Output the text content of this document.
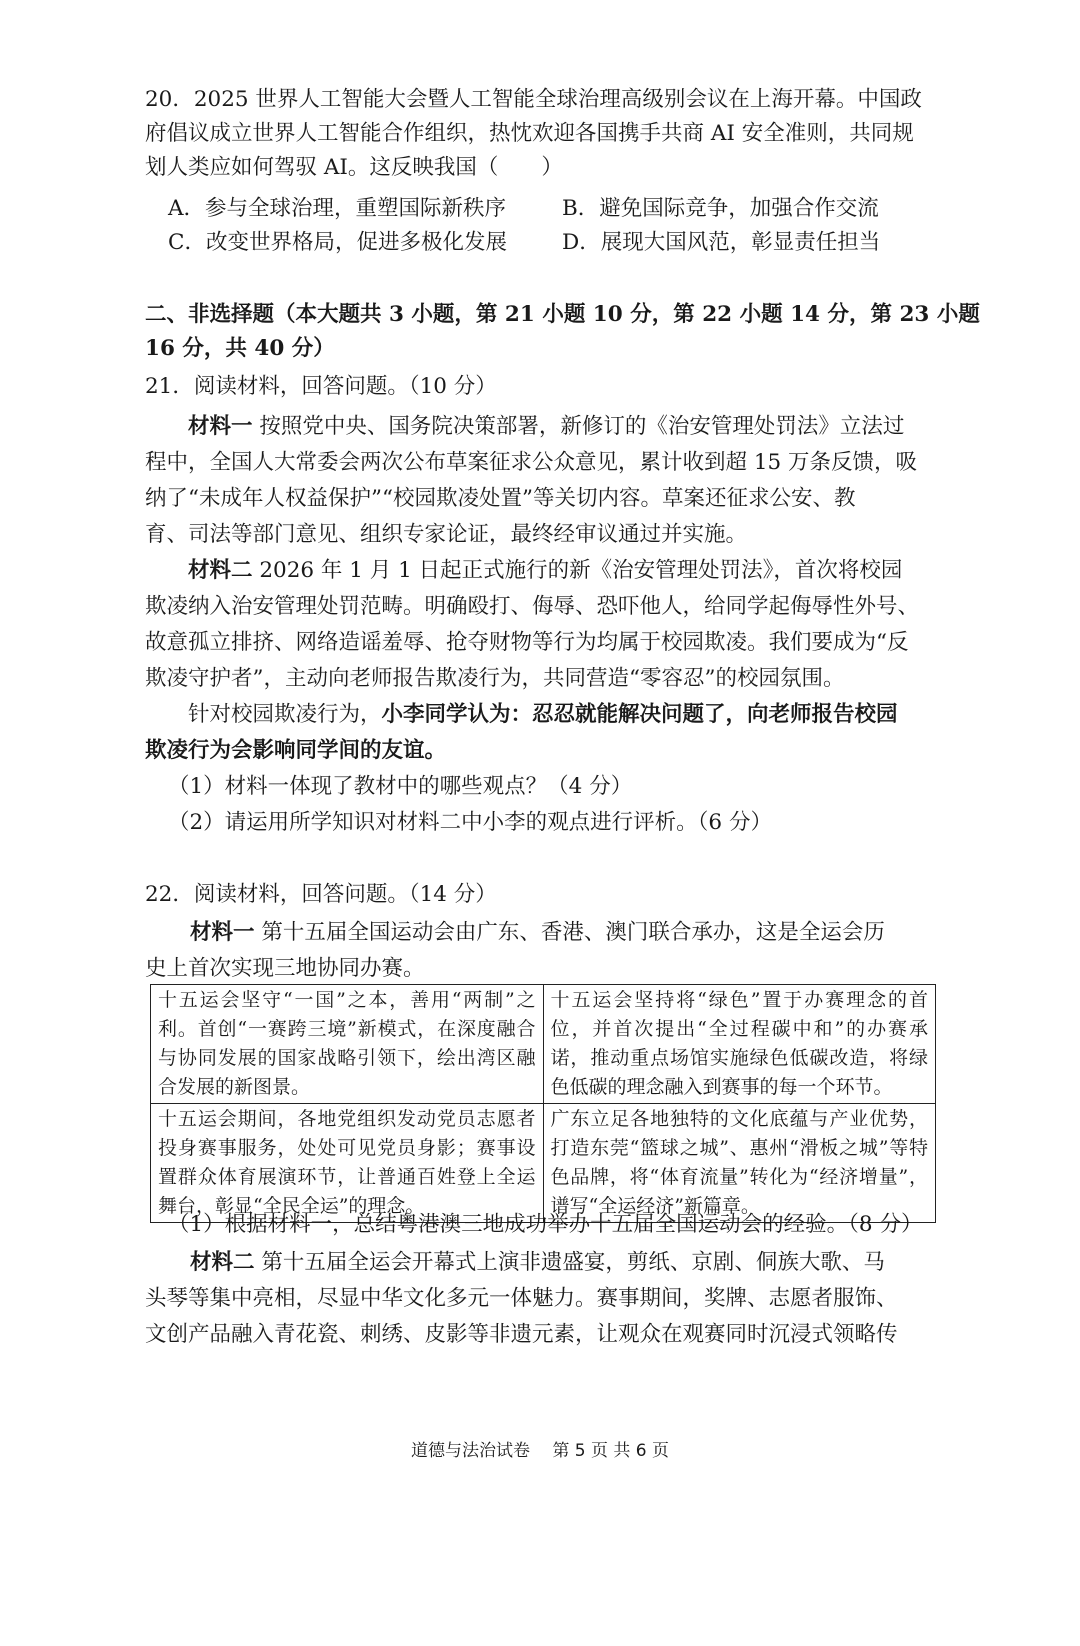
20．2025 世界人工智能大会暨人工智能全球治理高级别会议在上海开幕。中国政
府倡议成立世界人工智能合作组织，热忱欢迎各国携手共商 AI 安全准则，共同规
划人类应如何驾驭 AI。这反映我国（　　）
A．参与全球治理，重塑国际新秩序	B．避免国际竞争，加强合作交流
C．改变世界格局，促进多极化发展	D．展现大国风范，彰显责任担当
二、非选择题（本大题共 3 小题，第 21 小题 10 分，第 22 小题 14 分，第 23 小题
16 分，共 40 分）
21．阅读材料，回答问题。（10 分）
材料一 按照党中央、国务院决策部署，新修订的《治安管理处罚法》立法过
程中，全国人大常委会两次公布草案征求公众意见，累计收到超 15 万条反馈，吸
纳了“未成年人权益保护”“校园欺凌处置”等关切内容。草案还征求公安、教
育、司法等部门意见、组织专家论证，最终经审议通过并实施。
材料二 2026 年 1 月 1 日起正式施行的新《治安管理处罚法》，首次将校园
欺凌纳入治安管理处罚范畴。明确殴打、侮辱、恐吓他人，给同学起侮辱性外号、
故意孤立排挤、网络造谣羞辱、抢夺财物等行为均属于校园欺凌。我们要成为“反
欺凌守护者”，主动向老师报告欺凌行为，共同营造“零容忍”的校园氛围。
针对校园欺凌行为，小李同学认为：忍忍就能解决问题了，向老师报告校园
欺凌行为会影响同学间的友谊。
（1）材料一体现了教材中的哪些观点？（4 分）
（2）请运用所学知识对材料二中小李的观点进行评析。（6 分）
22．阅读材料，回答问题。（14 分）
材料一 第十五届全国运动会由广东、香港、澳门联合承办，这是全运会历
史上首次实现三地协同办赛。
十五运会坚守“一国”之本，善用“两制”之利。首创“一赛跨三境”新模式，在深度融合与协同发展的国家战略引领下，绘出湾区融合发展的新图景。	十五运会坚持将“绿色”置于办赛理念的首位，并首次提出“全过程碳中和”的办赛承诺，推动重点场馆实施绿色低碳改造，将绿色低碳的理念融入到赛事的每一个环节。
十五运会期间，各地党组织发动党员志愿者投身赛事服务，处处可见党员身影；赛事设置群众体育展演环节，让普通百姓登上全运舞台，彰显“全民全运”的理念。	广东立足各地独特的文化底蕴与产业优势，打造东莞“篮球之城”、惠州“滑板之城”等特色品牌，将“体育流量”转化为“经济增量”，谱写“全运经济”新篇章。
（1）根据材料一，总结粤港澳三地成功举办十五届全国运动会的经验。（8 分）
材料二 第十五届全运会开幕式上演非遗盛宴，剪纸、京剧、侗族大歌、马
头琴等集中亮相，尽显中华文化多元一体魅力。赛事期间，奖牌、志愿者服饰、
文创产品融入青花瓷、刺绣、皮影等非遗元素，让观众在观赛同时沉浸式领略传
道德与法治试卷　 第 5 页 共 6 页
